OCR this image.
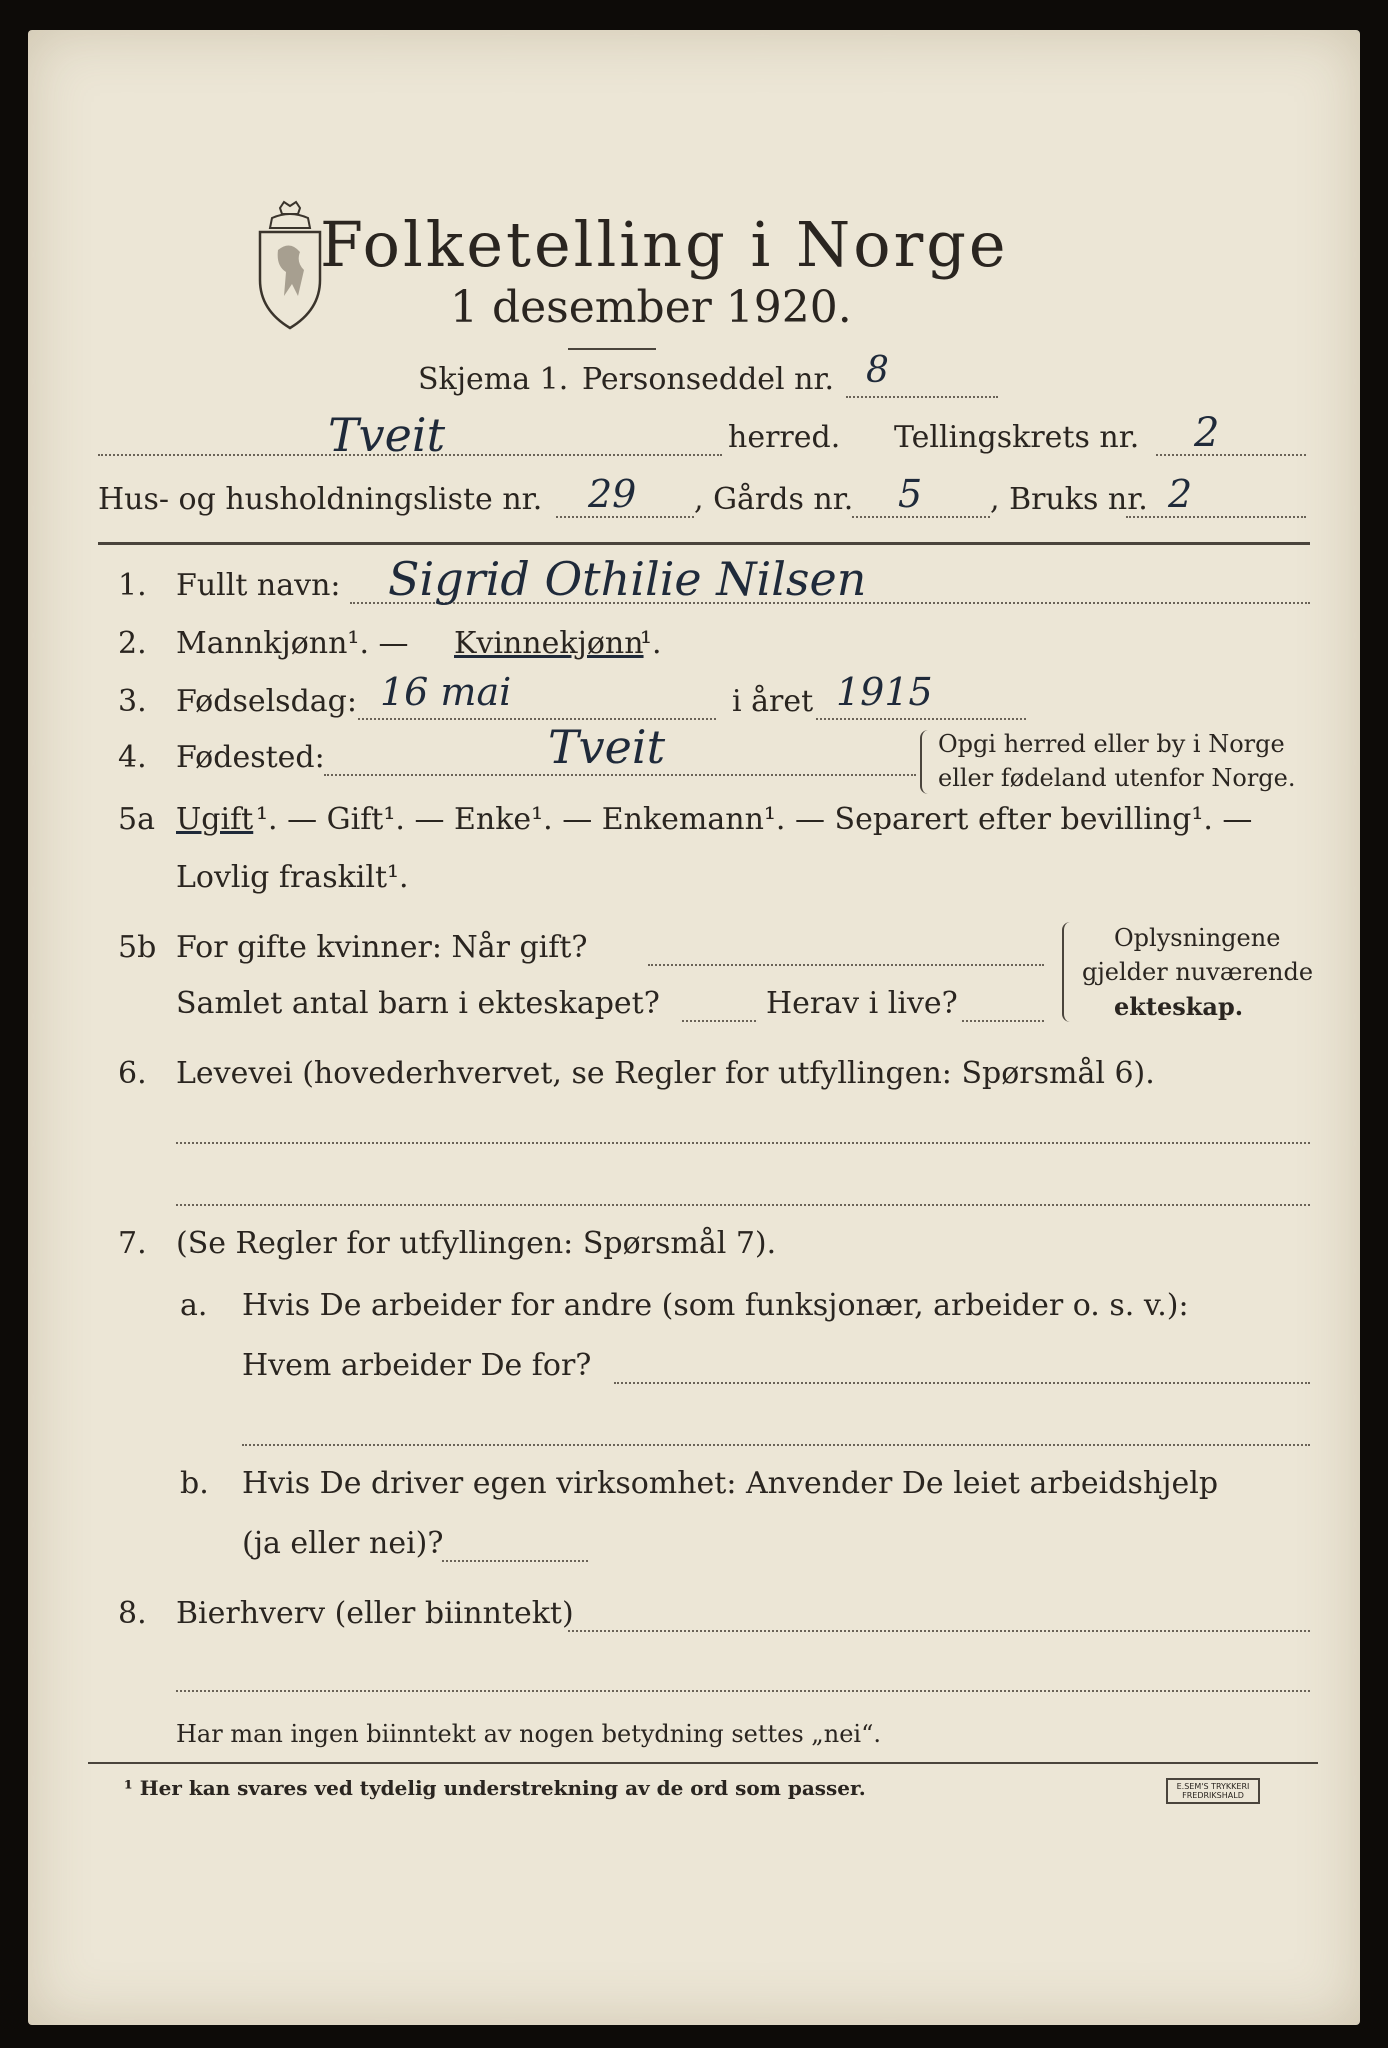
Folketelling i Norge
1 desember 1920.
Skjema 1. Personseddel nr. 8
Tveit	herred. Tellingskrets nr. 2
Hus- og husholdningsliste nr. 29 , Gårds nr. 5 , Bruks nr. 2
1. Fullt navn: Sigrid Othilie Nilsen
2. Mannkjønn¹. — Kvinnekjønn
¹.
3. Fødselsdag: 16 mai	i året 1915
4. Fødested:	Tveit	Opgi herred eller by i Norge
eller fødeland utenfor Norge.
5a Ugift ¹. — Gift¹. — Enke¹. — Enkemann¹. — Separert efter bevilling¹. —
Lovlig fraskilt¹.
5b For gifte kvinner: Når gift?
Samlet antal barn i ekteskapet?	Herav i live?
Oplysningene
gjelder nuværende
ekteskap.
6. Levevei (hovederhvervet, se Regler for utfyllingen: Spørsmål 6).
7. (Se Regler for utfyllingen: Spørsmål 7).
a. Hvis De arbeider for andre (som funksjonær, arbeider o. s. v.):
Hvem arbeider De for?
b. Hvis De driver egen virksomhet: Anvender De leiet arbeidshjelp
(ja eller nei)?
8. Bierhverv (eller biinntekt)
Har man ingen biinntekt av nogen betydning settes „nei“.
¹ Her kan svares ved tydelig understrekning av de ord som passer.	E.SEM'S TRYKKERI FREDRIKSHALD
